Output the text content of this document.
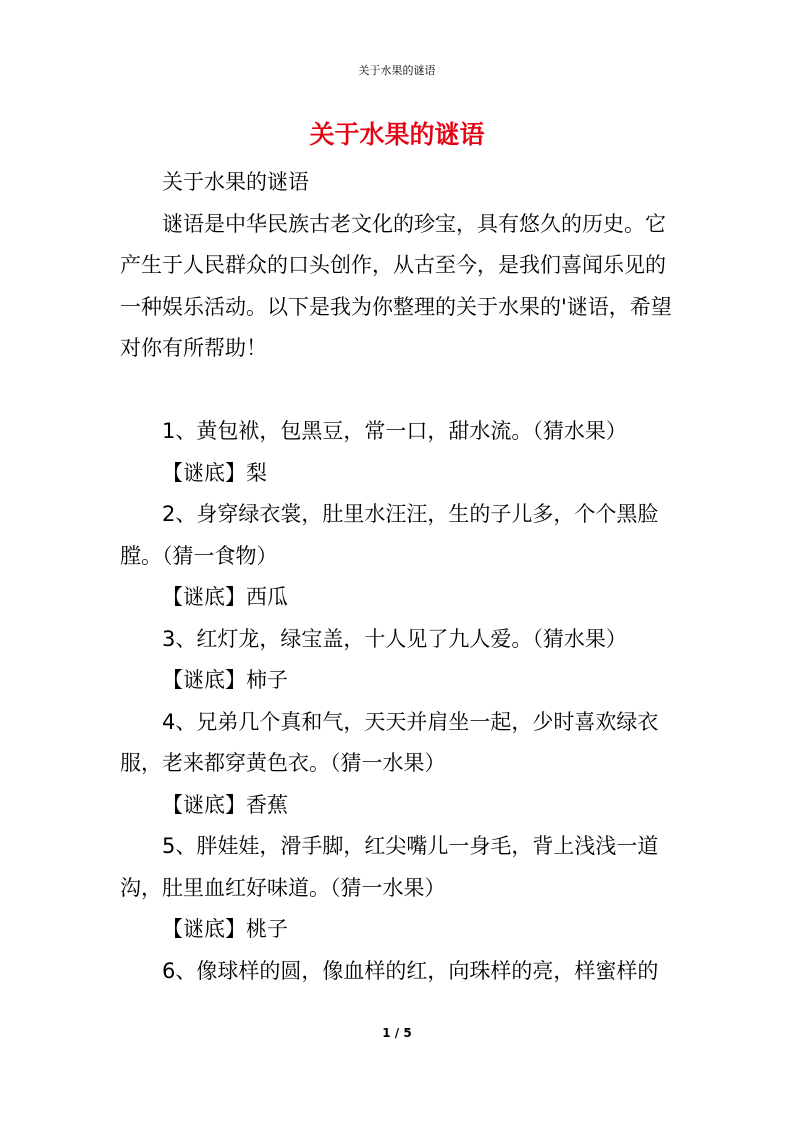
关于水果的谜语
关于水果的谜语

关于水果的谜语

谜语是中华民族古老文化的珍宝，具有悠久的历史。它产生于人民群众的口头创作，从古至今，是我们喜闻乐见的一种娱乐活动。以下是我为你整理的关于水果的'谜语，希望对你有所帮助！

1、黄包袱，包黑豆，常一口，甜水流。（猜水果）

【谜底】梨

2、身穿绿衣裳，肚里水汪汪，生的子儿多，个个黑脸膛。（猜一食物）

【谜底】西瓜

3、红灯龙，绿宝盖，十人见了九人爱。（猜水果）

【谜底】柿子

4、兄弟几个真和气，天天并肩坐一起，少时喜欢绿衣服，老来都穿黄色衣。（猜一水果）

【谜底】香蕉

5、胖娃娃，滑手脚，红尖嘴儿一身毛，背上浅浅一道沟，肚里血红好味道。（猜一水果）

【谜底】桃子

6、像球样的圆，像血样的红，向珠样的亮，样蜜样的

1 / 5
